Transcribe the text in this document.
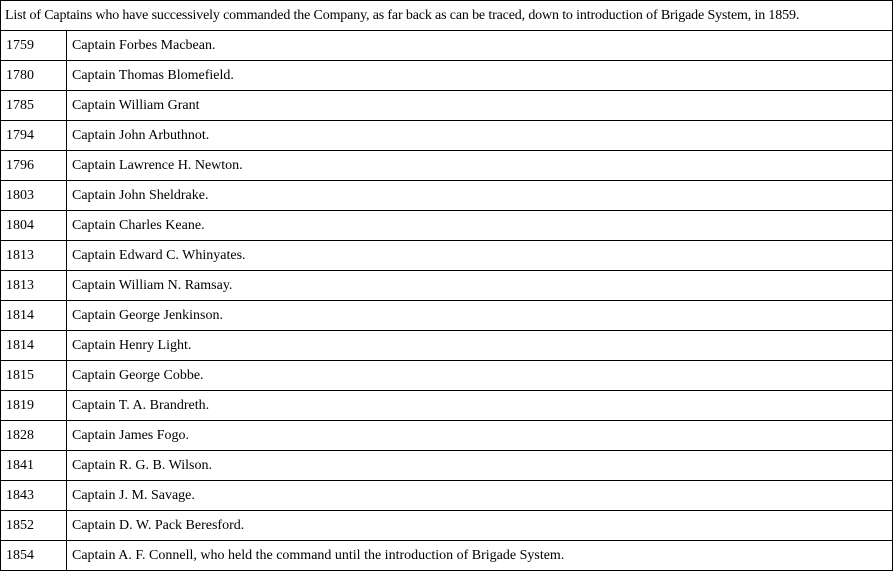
List of Captains who have successively commanded the Company, as far back as can be traced, down to introduction of Brigade System, in 1859.	
1759	Captain Forbes Macbean.
1780	Captain Thomas Blomefield.
1785	Captain William Grant
1794	Captain John Arbuthnot.
1796	Captain Lawrence H. Newton.
1803	Captain John Sheldrake.
1804	Captain Charles Keane.
1813	Captain Edward C. Whinyates.
1813	Captain William N. Ramsay.
1814	Captain George Jenkinson.
1814	Captain Henry Light.
1815	Captain George Cobbe.
1819	Captain T. A. Brandreth.
1828	Captain James Fogo.
1841	Captain R. G. B. Wilson.
1843	Captain J. M. Savage.
1852	Captain D. W. Pack Beresford.
1854	Captain A. F. Connell, who held the command until the introduction of Brigade System.
